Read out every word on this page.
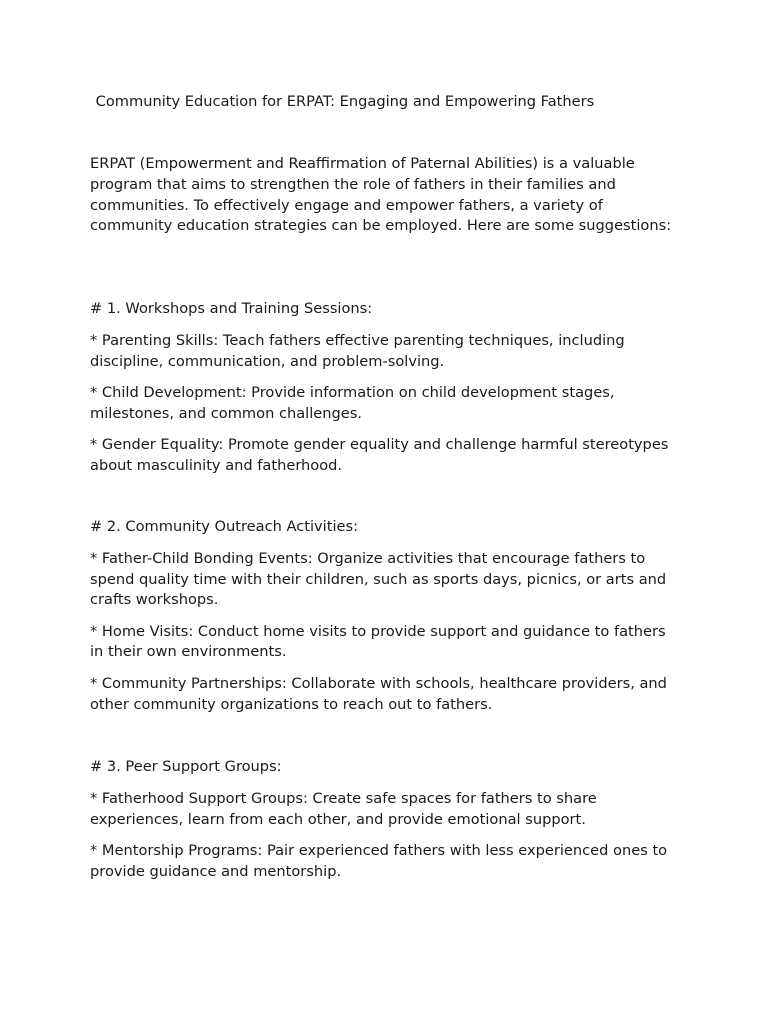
Community Education for ERPAT: Engaging and Empowering Fathers

ERPAT (Empowerment and Reaffirmation of Paternal Abilities) is a valuable program that aims to strengthen the role of fathers in their families and communities. To effectively engage and empower fathers, a variety of community education strategies can be employed. Here are some suggestions:

# 1. Workshops and Training Sessions:

* Parenting Skills: Teach fathers effective parenting techniques, including discipline, communication, and problem-solving.

* Child Development: Provide information on child development stages, milestones, and common challenges.

* Gender Equality: Promote gender equality and challenge harmful stereotypes about masculinity and fatherhood.

# 2. Community Outreach Activities:

* Father-Child Bonding Events: Organize activities that encourage fathers to spend quality time with their children, such as sports days, picnics, or arts and crafts workshops.

* Home Visits: Conduct home visits to provide support and guidance to fathers in their own environments.

* Community Partnerships: Collaborate with schools, healthcare providers, and other community organizations to reach out to fathers.

# 3. Peer Support Groups:

* Fatherhood Support Groups: Create safe spaces for fathers to share experiences, learn from each other, and provide emotional support.

* Mentorship Programs: Pair experienced fathers with less experienced ones to provide guidance and mentorship.
